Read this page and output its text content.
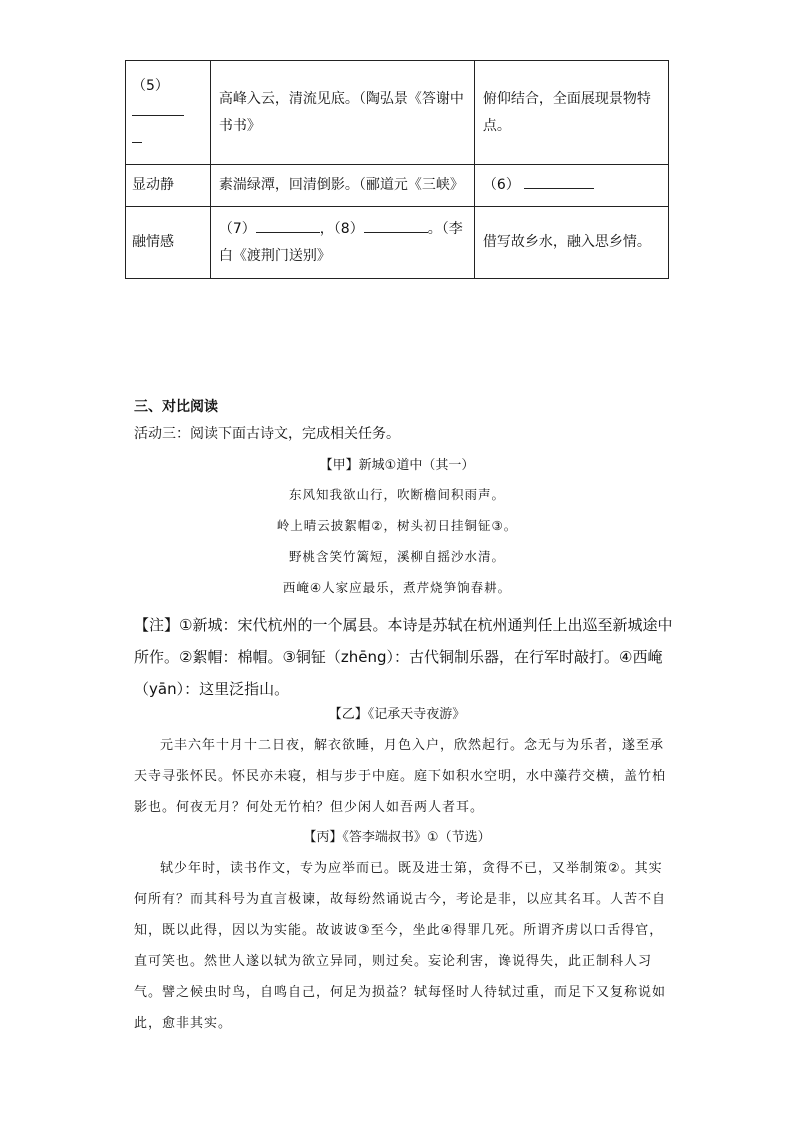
（5）	高峰入云，清流见底。（陶弘景《答谢中书书》	俯仰结合，全面展现景物特点。
显动静	素湍绿潭，回清倒影。（郦道元《三峡》	（6）
融情感	（7） ，（8） 。（李白《渡荆门送别》	借写故乡水，融入思乡情。
三、对比阅读
活动三：阅读下面古诗文，完成相关任务。
【甲】新城①道中（其一）
东风知我欲山行，吹断檐间积雨声。
岭上晴云披絮帽②，树头初日挂铜钲③。
野桃含笑竹篱短，溪柳自摇沙水清。
西崦④人家应最乐，煮芹烧笋饷春耕。
【注】①新城：宋代杭州的一个属县。本诗是苏轼在杭州通判任上出巡至新城途中所作。②絮帽：棉帽。③铜钲（zhēng）：古代铜制乐器，在行军时敲打。④西崦（yān）：这里泛指山。
【乙】《记承天寺夜游》

元丰六年十月十二日夜，解衣欲睡，月色入户，欣然起行。念无与为乐者，遂至承天寺寻张怀民。怀民亦未寝，相与步于中庭。庭下如积水空明，水中藻荇交横，盖竹柏影也。何夜无月？何处无竹柏？但少闲人如吾两人者耳。

【丙】《答李端叔书》①（节选）

轼少年时，读书作文，专为应举而已。既及进士第，贪得不已，又举制策②。其实何所有？而其科号为直言极谏，故每纷然诵说古今，考论是非，以应其名耳。人苦不自知，既以此得，因以为实能。故诐诐③至今，坐此④得罪几死。所谓齐虏以口舌得官，直可笑也。然世人遂以轼为欲立异同，则过矣。妄论利害，谗说得失，此正制科人习气。譬之候虫时鸟，自鸣自己，何足为损益？轼每怪时人待轼过重，而足下又复称说如此，愈非其实。
